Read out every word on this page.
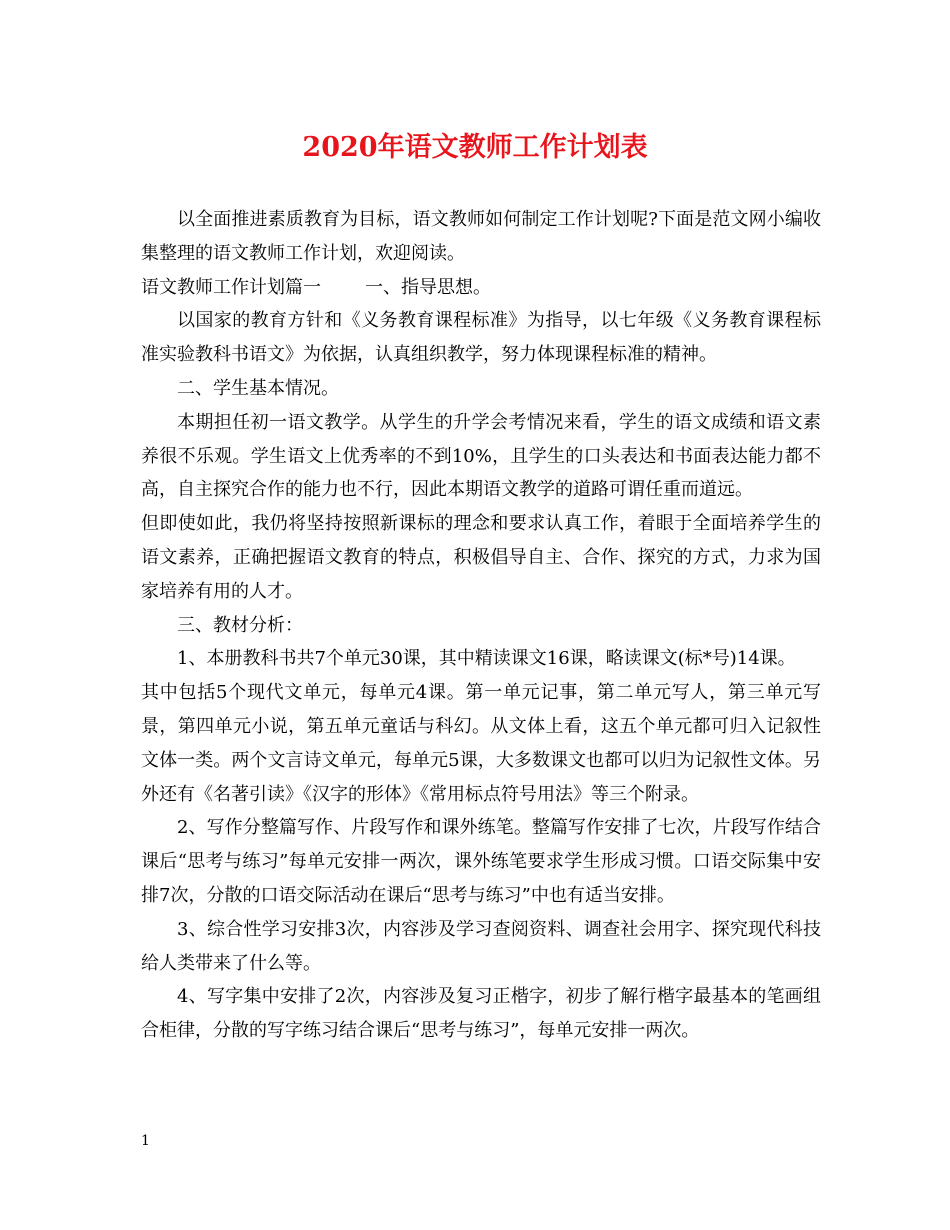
2020年语文教师工作计划表

以全面推进素质教育为目标，语文教师如何制定工作计划呢?下面是范文网小编收集整理的语文教师工作计划，欢迎阅读。

语文教师工作计划篇一 一、指导思想。

以国家的教育方针和《义务教育课程标准》为指导，以七年级《义务教育课程标准实验教科书语文》为依据，认真组织教学，努力体现课程标准的精神。

二、学生基本情况。

本期担任初一语文教学。从学生的升学会考情况来看，学生的语文成绩和语文素养很不乐观。学生语文上优秀率的不到10%，且学生的口头表达和书面表达能力都不高，自主探究合作的能力也不行，因此本期语文教学的道路可谓任重而道远。

但即使如此，我仍将坚持按照新课标的理念和要求认真工作，着眼于全面培养学生的语文素养，正确把握语文教育的特点，积极倡导自主、合作、探究的方式，力求为国家培养有用的人才。

三、教材分析：

1、本册教科书共7个单元30课，其中精读课文16课，略读课文(标*号)14课。

其中包括5个现代文单元，每单元4课。第一单元记事，第二单元写人，第三单元写景，第四单元小说，第五单元童话与科幻。从文体上看，这五个单元都可归入记叙性文体一类。两个文言诗文单元，每单元5课，大多数课文也都可以归为记叙性文体。另外还有《名著引读》《汉字的形体》《常用标点符号用法》等三个附录。

2、写作分整篇写作、片段写作和课外练笔。整篇写作安排了七次，片段写作结合课后“思考与练习”每单元安排一两次，课外练笔要求学生形成习惯。口语交际集中安排7次，分散的口语交际活动在课后“思考与练习”中也有适当安排。

3、综合性学习安排3次，内容涉及学习查阅资料、调查社会用字、探究现代科技给人类带来了什么等。

4、写字集中安排了2次，内容涉及复习正楷字，初步了解行楷字最基本的笔画组合柜律，分散的写字练习结合课后“思考与练习”，每单元安排一两次。

1
